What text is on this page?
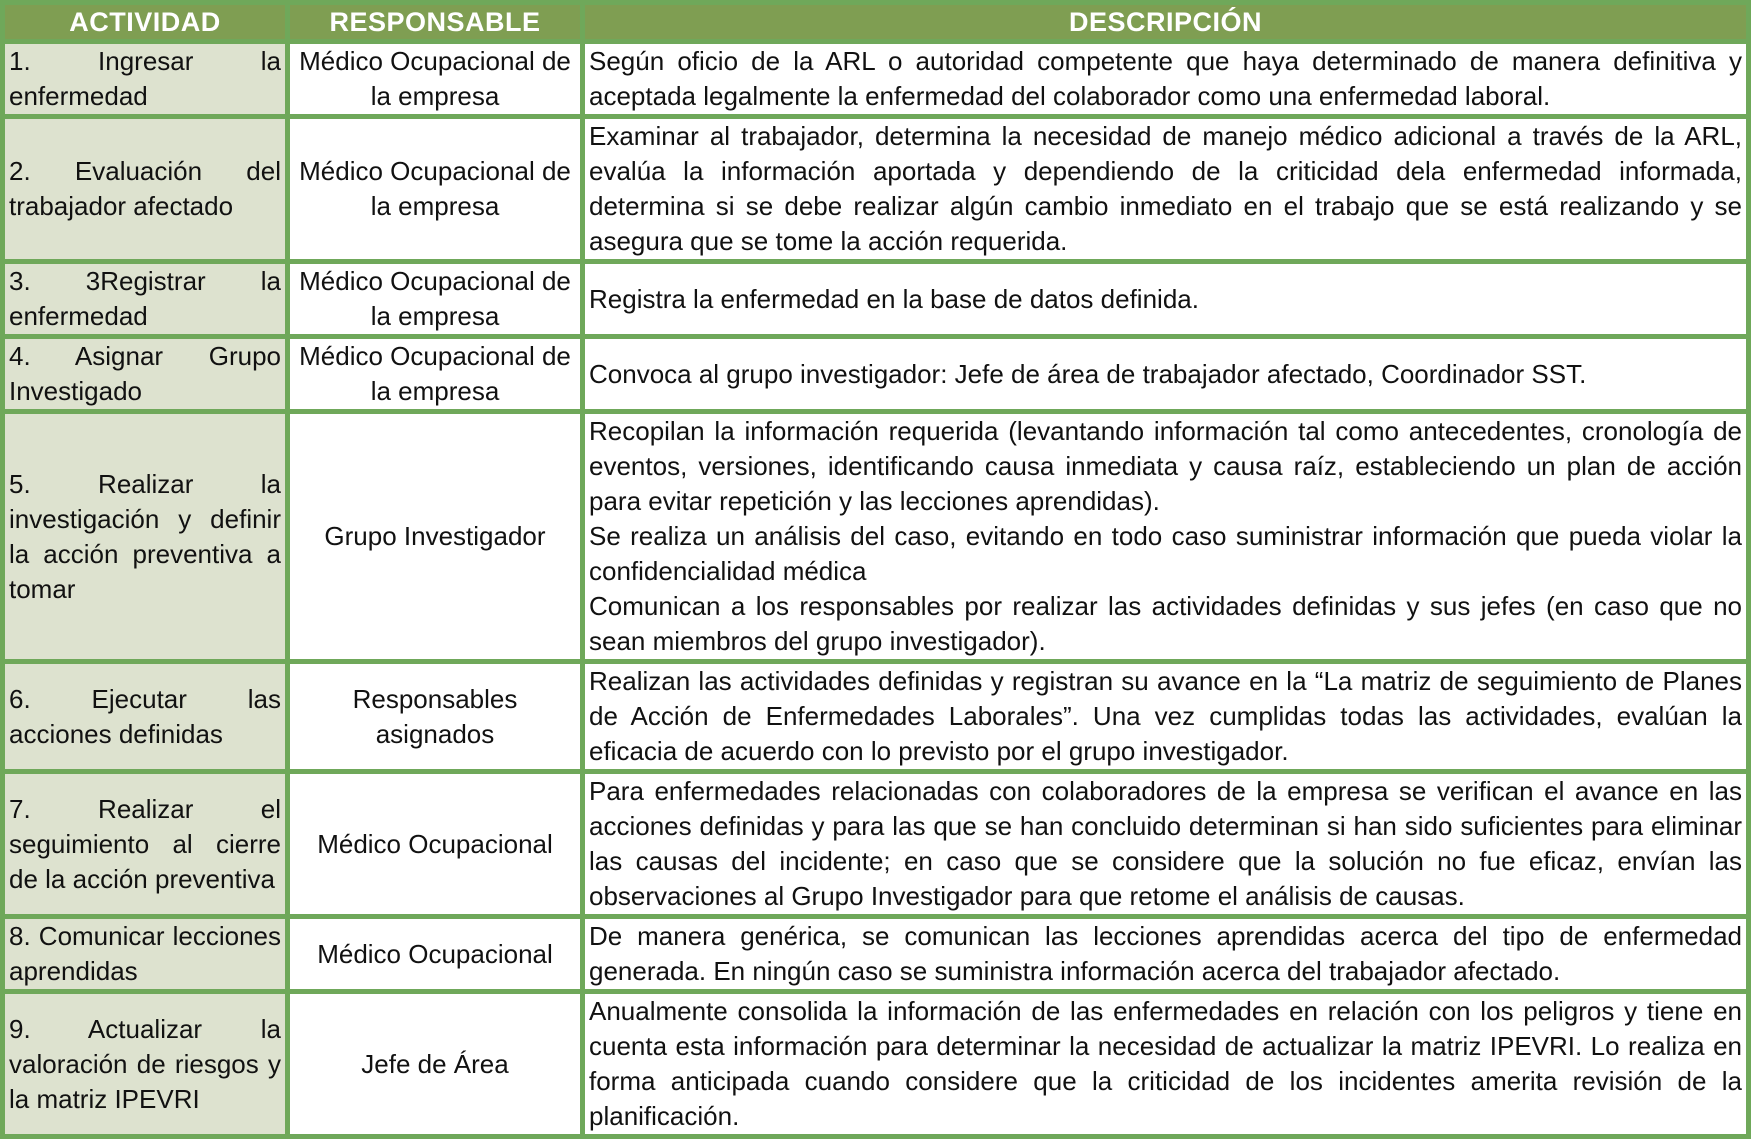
ACTIVIDAD	RESPONSABLE	DESCRIPCIÓN
1. Ingresar la enfermedad	Médico Ocupacional de la empresa	Según oficio de la ARL o autoridad competente que haya determinado de manera definitiva y aceptada legalmente la enfermedad del colaborador como una enfermedad laboral.

2. Evaluación del trabajador afectado	Médico Ocupacional de la empresa	Examinar al trabajador, determina la necesidad de manejo médico adicional a través de la ARL, evalúa la información aportada y dependiendo de la criticidad dela enfermedad informada, determina si se debe realizar algún cambio inmediato en el trabajo que se está realizando y se asegura que se tome la acción requerida.

3. 3Registrar la enfermedad	Médico Ocupacional de la empresa	Registra la enfermedad en la base de datos definida.

4. Asignar Grupo Investigado	Médico Ocupacional de la empresa	Convoca al grupo investigador: Jefe de área de trabajador afectado, Coordinador SST.

5. Realizar la investigación y definir la acción preventiva a tomar	Grupo Investigador	Recopilan la información requerida (levantando información tal como antecedentes, cronología de eventos, versiones, identificando causa inmediata y causa raíz, estableciendo un plan de acción para evitar repetición y las lecciones aprendidas).

Se realiza un análisis del caso, evitando en todo caso suministrar información que pueda violar la confidencialidad médica

Comunican a los responsables por realizar las actividades definidas y sus jefes (en caso que no sean miembros del grupo investigador).

6. Ejecutar las acciones definidas	Responsables asignados	Realizan las actividades definidas y registran su avance en la “La matriz de seguimiento de Planes de Acción de Enfermedades Laborales”. Una vez cumplidas todas las actividades, evalúan la eficacia de acuerdo con lo previsto por el grupo investigador.

7. Realizar el seguimiento al cierre de la acción preventiva	Médico Ocupacional	Para enfermedades relacionadas con colaboradores de la empresa se verifican el avance en las acciones definidas y para las que se han concluido determinan si han sido suficientes para eliminar las causas del incidente; en caso que se considere que la solución no fue eficaz, envían las observaciones al Grupo Investigador para que retome el análisis de causas.

8. Comunicar lecciones aprendidas	Médico Ocupacional	De manera genérica, se comunican las lecciones aprendidas acerca del tipo de enfermedad generada. En ningún caso se suministra información acerca del trabajador afectado.

9. Actualizar la valoración de riesgos y la matriz IPEVRI	Jefe de Área	Anualmente consolida la información de las enfermedades en relación con los peligros y tiene en cuenta esta información para determinar la necesidad de actualizar la matriz IPEVRI. Lo realiza en forma anticipada cuando considere que la criticidad de los incidentes amerita revisión de la planificación.
